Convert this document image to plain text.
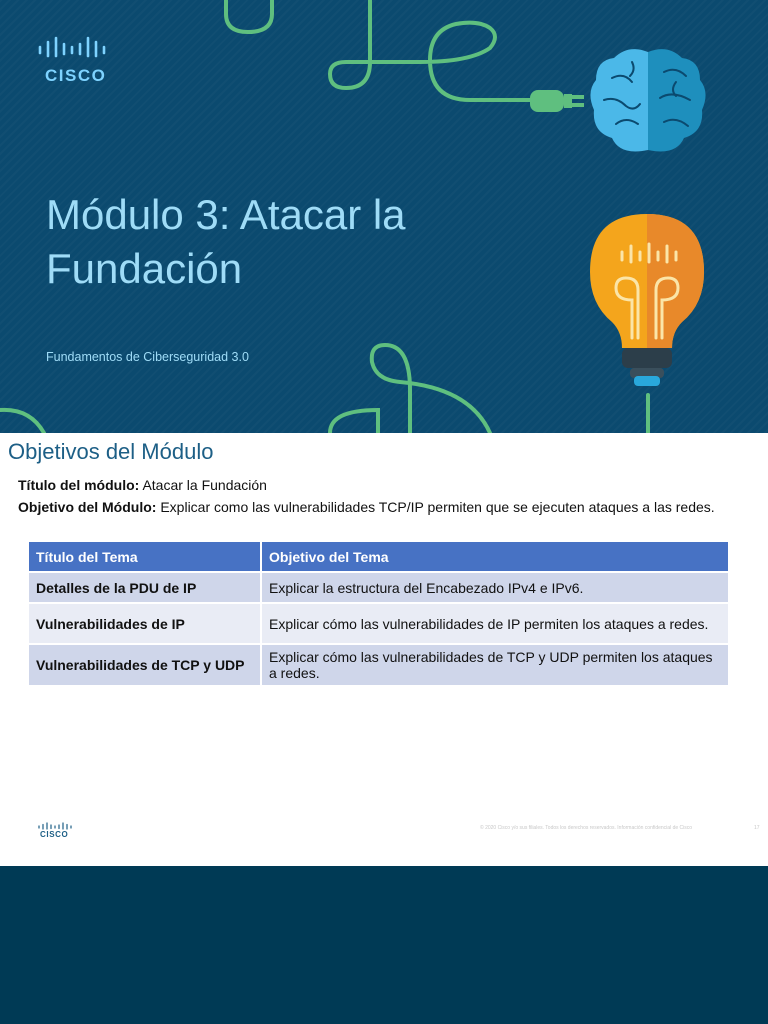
CISCO
Módulo 3: Atacar la
Fundación
Fundamentos de Ciberseguridad 3.0
Objetivos del Módulo

Título del módulo: Atacar la Fundación

Objetivo del Módulo: Explicar como las vulnerabilidades TCP/IP permiten que se ejecuten ataques a las redes.

Título del Tema	Objetivo del Tema
Detalles de la PDU de IP	Explicar la estructura del Encabezado IPv4 e IPv6.
Vulnerabilidades de IP	Explicar cómo las vulnerabilidades de IP permiten los ataques a redes.
Vulnerabilidades de TCP y UDP	Explicar cómo las vulnerabilidades de TCP y UDP permiten los ataques a redes.
CISCO
© 2020 Cisco y/o sus filiales. Todos los derechos reservados. Información confidencial de Cisco	17
